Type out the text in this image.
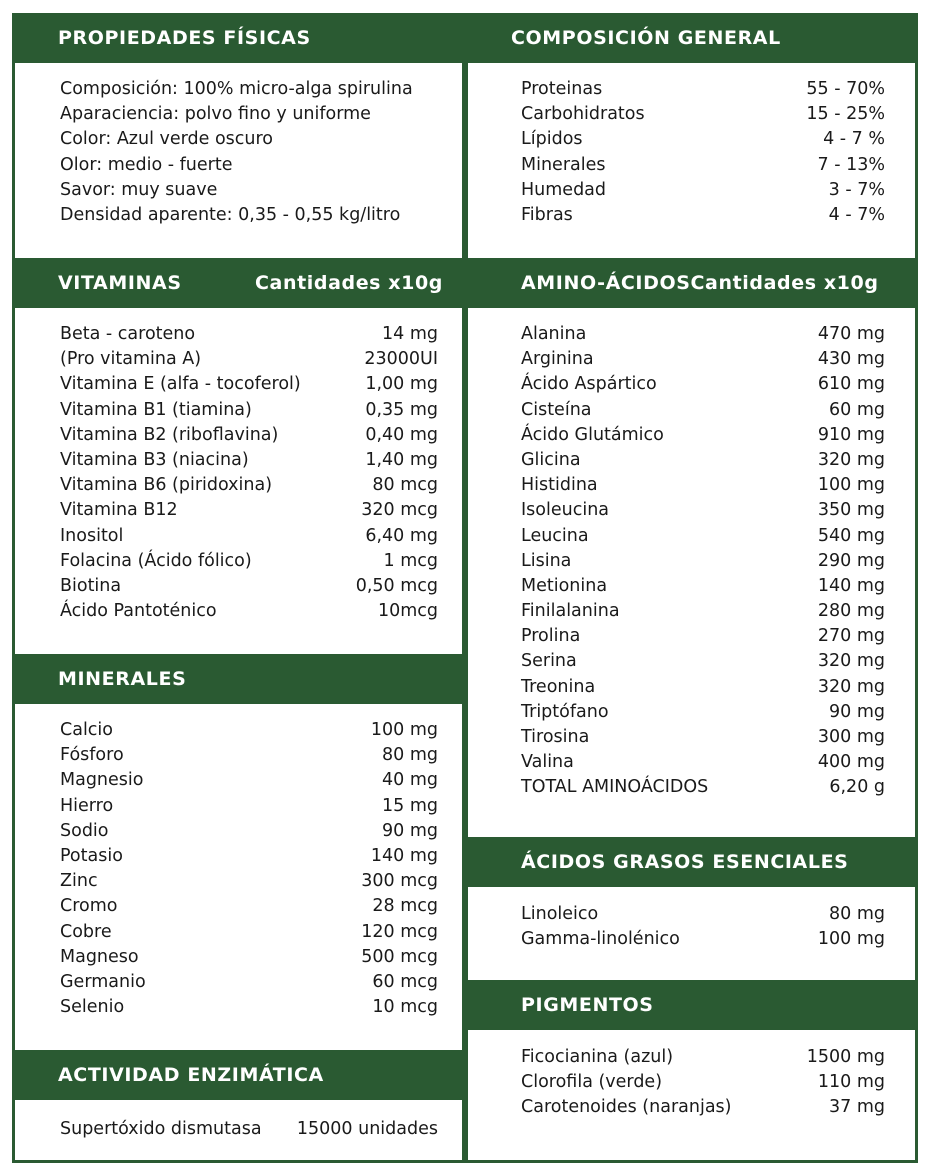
PROPIEDADES FÍSICAS
Composición: 100% micro-alga spirulina
Aparaciencia: polvo fino y uniforme
Color: Azul verde oscuro
Olor: medio - fuerte
Savor: muy suave
Densidad aparente: 0,35 - 0,55 kg/litro
VITAMINAS	Cantidades x10g
Beta - caroteno	14 mg
(Pro vitamina A)	23000UI
Vitamina E (alfa - tocoferol)	1,00 mg
Vitamina B1 (tiamina)	0,35 mg
Vitamina B2 (riboflavina)	0,40 mg
Vitamina B3 (niacina)	1,40 mg
Vitamina B6 (piridoxina)	80 mcg
Vitamina B12	320 mcg
Inositol	6,40 mg
Folacina (Ácido fólico)	1 mcg
Biotina	0,50 mcg
Ácido Pantoténico	10mcg
MINERALES
Calcio	100 mg
Fósforo	80 mg
Magnesio	40 mg
Hierro	15 mg
Sodio	90 mg
Potasio	140 mg
Zinc	300 mcg
Cromo	28 mcg
Cobre	120 mcg
Magneso	500 mcg
Germanio	60 mcg
Selenio	10 mcg
ACTIVIDAD ENZIMÁTICA
Supertóxido dismutasa 15000 unidades
COMPOSICIÓN GENERAL
Proteinas	55 - 70%
Carbohidratos	15 - 25%
Lípidos	4 - 7 %
Minerales	7 - 13%
Humedad	3 - 7%
Fibras	4 - 7%
AMINO-ÁCIDOS Cantidades x10g
Alanina	470 mg
Arginina	430 mg
Ácido Aspártico	610 mg
Cisteína	60 mg
Ácido Glutámico	910 mg
Glicina	320 mg
Histidina	100 mg
Isoleucina	350 mg
Leucina	540 mg
Lisina	290 mg
Metionina	140 mg
Finilalanina	280 mg
Prolina	270 mg
Serina	320 mg
Treonina	320 mg
Triptófano	90 mg
Tirosina	300 mg
Valina	400 mg
TOTAL AMINOÁCIDOS	6,20 g
ÁCIDOS GRASOS ESENCIALES
Linoleico	80 mg
Gamma-linolénico	100 mg
PIGMENTOS
Ficocianina (azul)	1500 mg
Clorofila (verde)	110 mg
Carotenoides (naranjas)	37 mg
